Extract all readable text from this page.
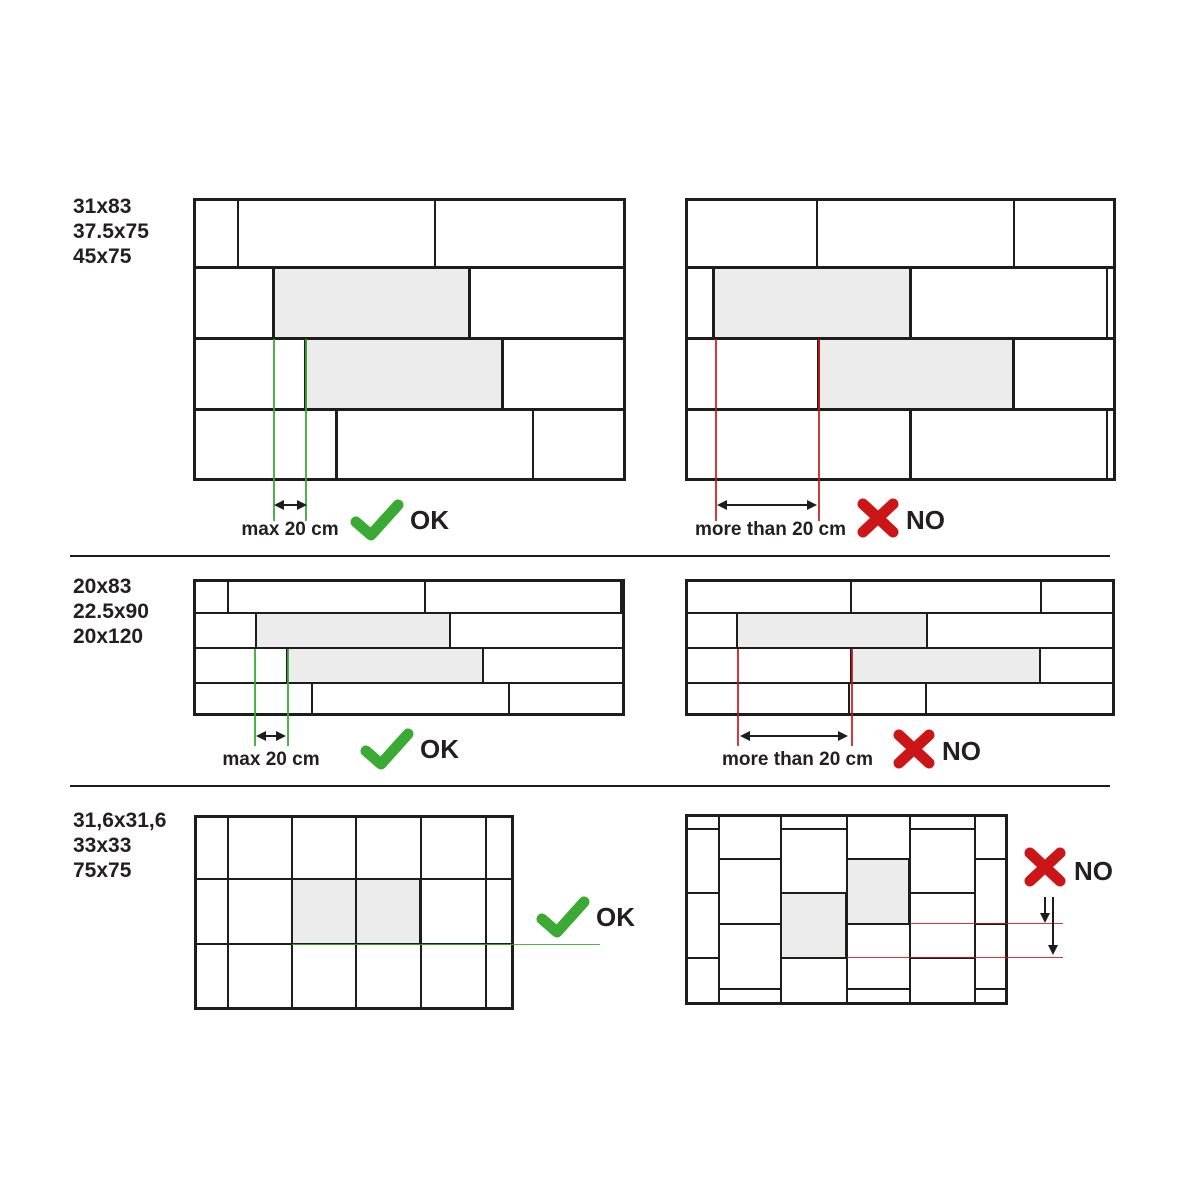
31x83
37.5x75
45x75
max 20 cm	OK	more than 20 cm NO
20x83
22.5x90
20x120
max 20 cm	OK	more than 20 cm	NO
31,6x31,6
33x33
75x75
OK
NO
